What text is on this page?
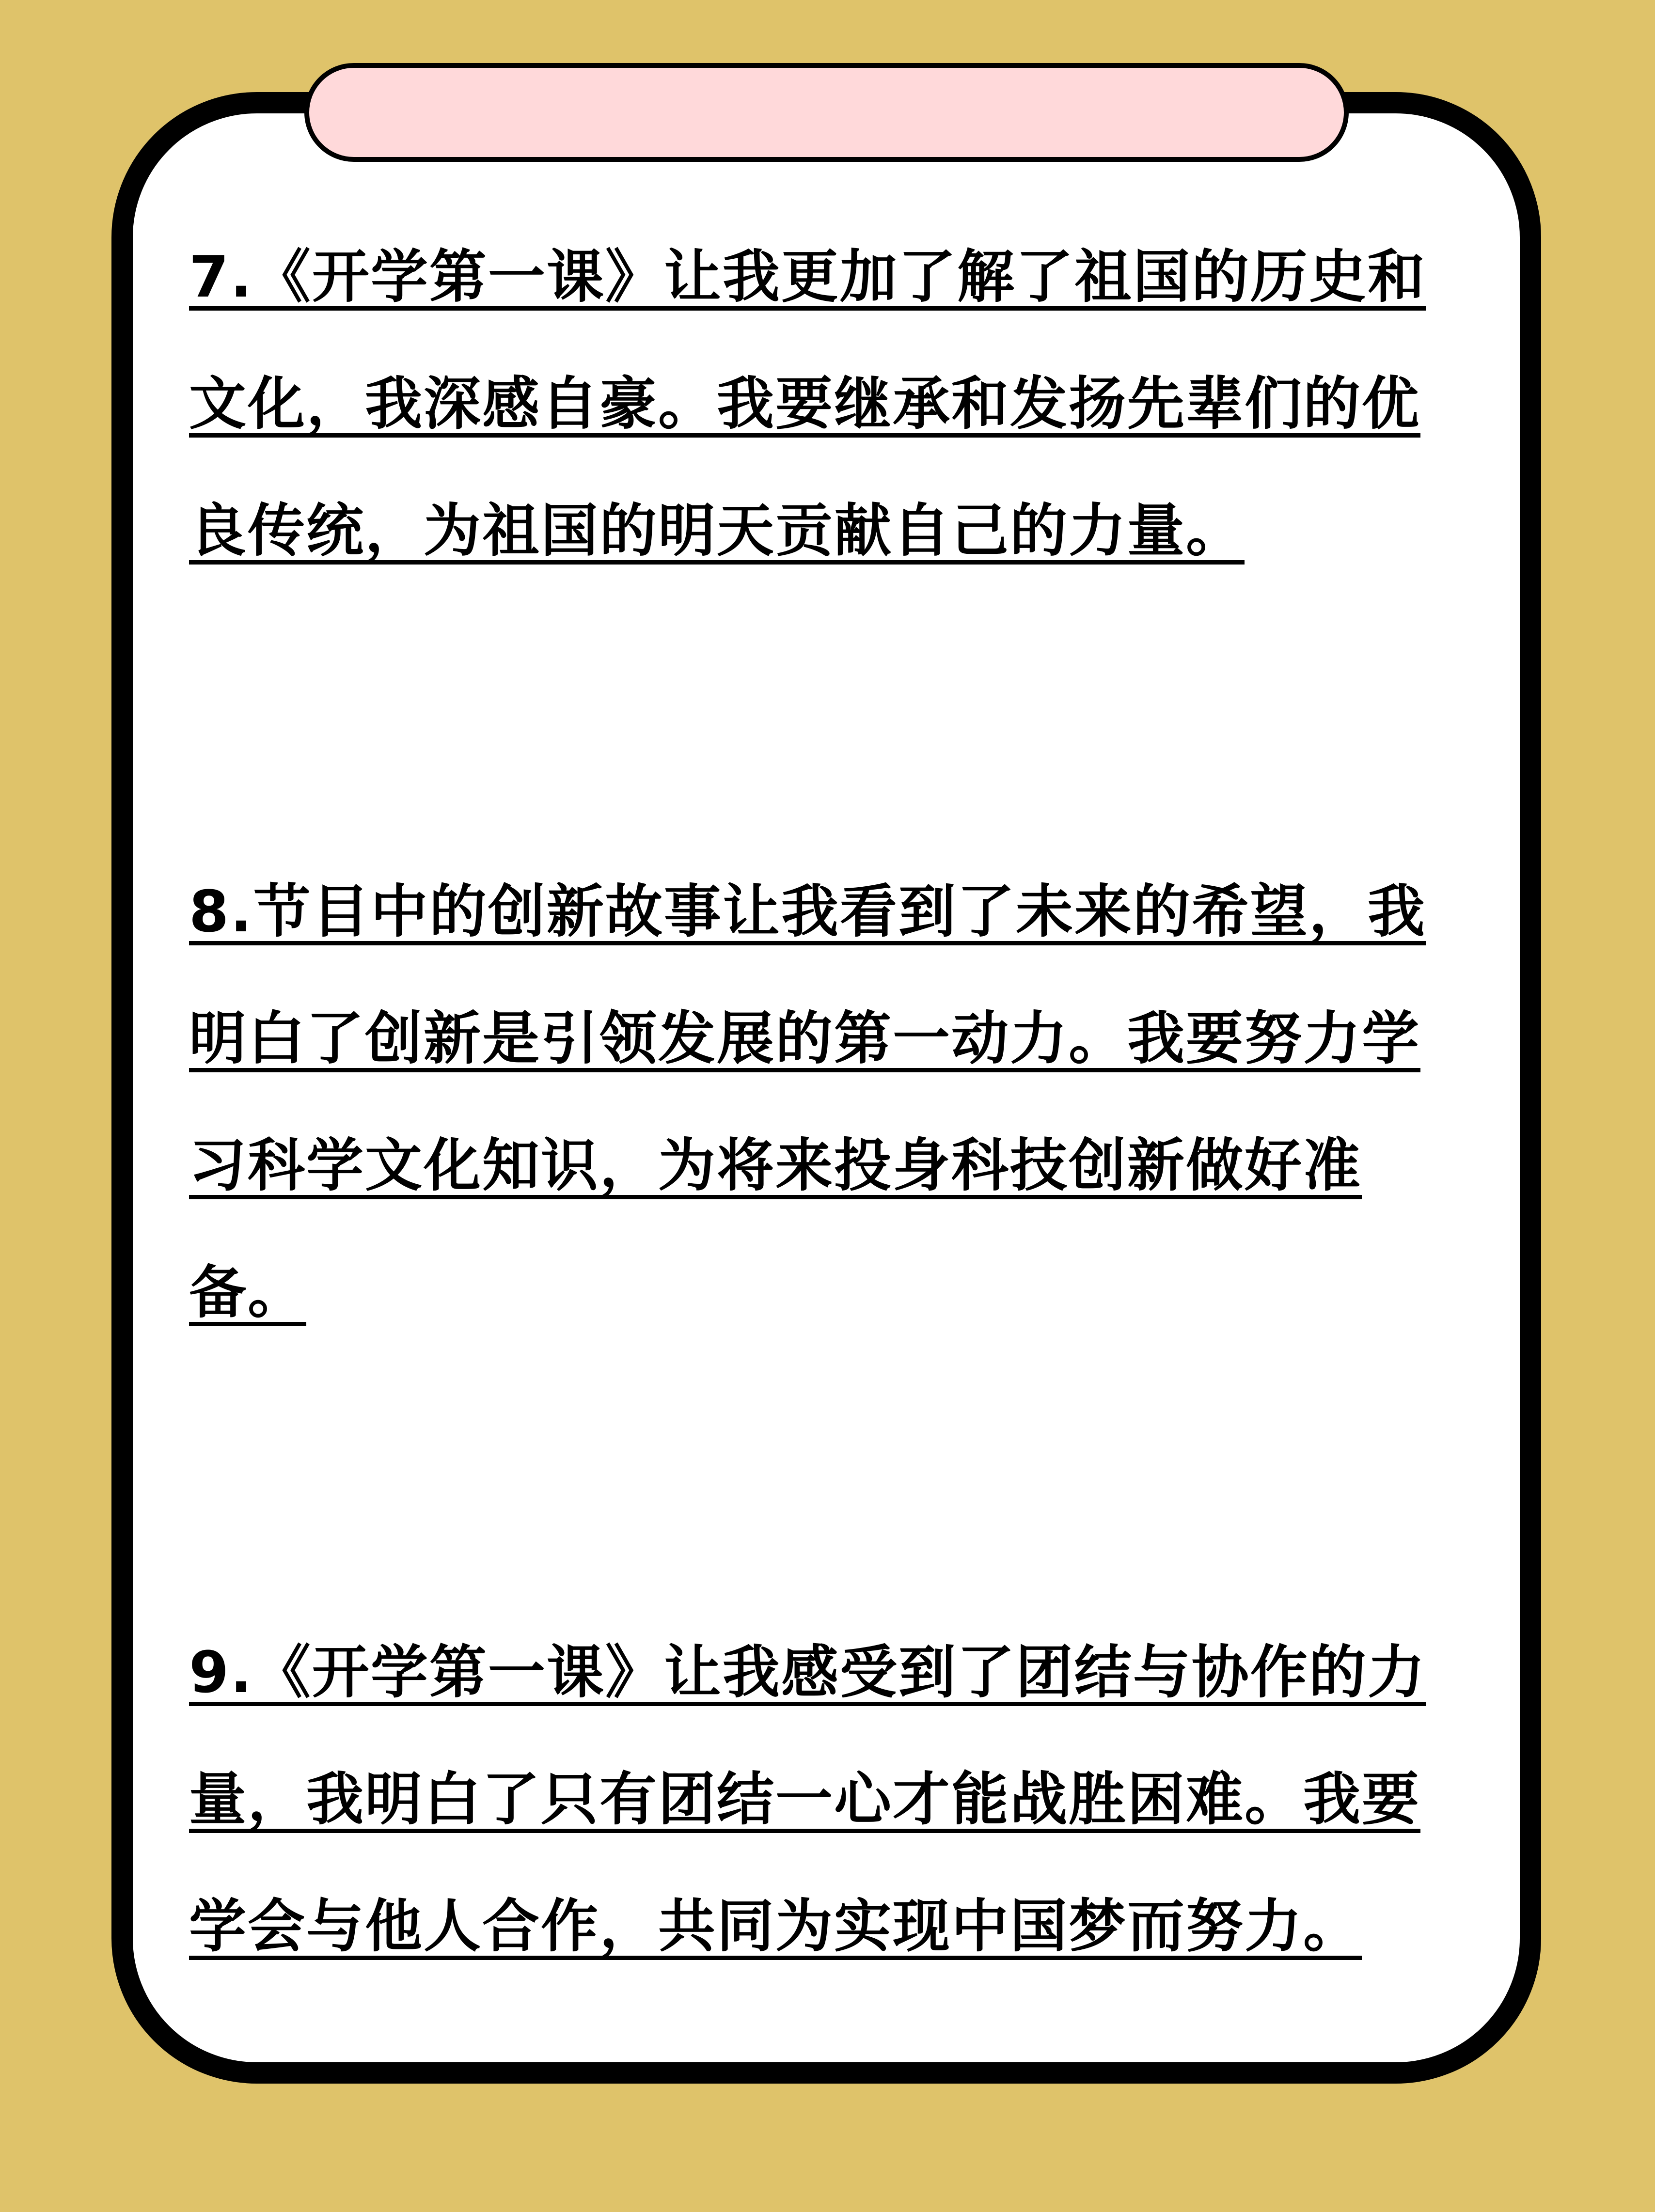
7.《开学第一课》让我更加了解了祖国的历史和文化，我深感自豪。我要继承和发扬先辈们的优良传统，为祖国的明天贡献自己的力量。

8.节目中的创新故事让我看到了未来的希望，我明白了创新是引领发展的第一动力。我要努力学习科学文化知识，为将来投身科技创新做好准备。

9.《开学第一课》让我感受到了团结与协作的力量，我明白了只有团结一心才能战胜困难。我要学会与他人合作，共同为实现中国梦而努力。
